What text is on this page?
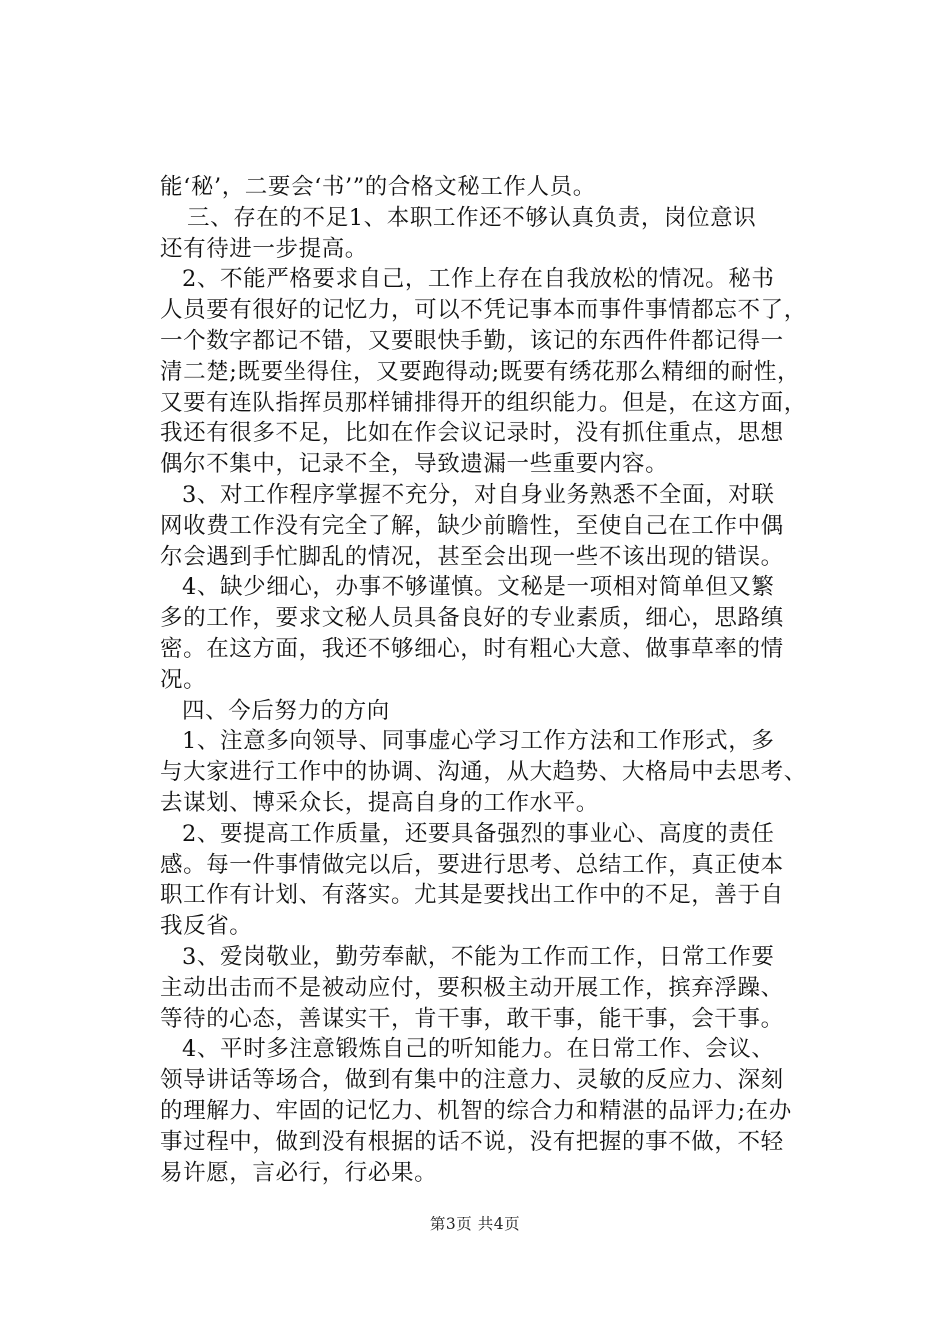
能‘秘’，二要会‘书’”的合格文秘工作人员。
三、存在的不足1、本职工作还不够认真负责，岗位意识
还有待进一步提高。
2、不能严格要求自己，工作上存在自我放松的情况。秘书
人员要有很好的记忆力，可以不凭记事本而事件事情都忘不了，
一个数字都记不错，又要眼快手勤，该记的东西件件都记得一
清二楚;既要坐得住，又要跑得动;既要有绣花那么精细的耐性，
又要有连队指挥员那样铺排得开的组织能力。但是，在这方面，
我还有很多不足，比如在作会议记录时，没有抓住重点，思想
偶尔不集中，记录不全，导致遗漏一些重要内容。
3、对工作程序掌握不充分，对自身业务熟悉不全面，对联
网收费工作没有完全了解，缺少前瞻性，至使自己在工作中偶
尔会遇到手忙脚乱的情况，甚至会出现一些不该出现的错误。
4、缺少细心，办事不够谨慎。文秘是一项相对简单但又繁
多的工作，要求文秘人员具备良好的专业素质，细心，思路缜
密。在这方面，我还不够细心，时有粗心大意、做事草率的情
况。
四、今后努力的方向
1、注意多向领导、同事虚心学习工作方法和工作形式，多
与大家进行工作中的协调、沟通，从大趋势、大格局中去思考、
去谋划、博采众长，提高自身的工作水平。
2、要提高工作质量，还要具备强烈的事业心、高度的责任
感。每一件事情做完以后，要进行思考、总结工作，真正使本
职工作有计划、有落实。尤其是要找出工作中的不足，善于自
我反省。
3、爱岗敬业，勤劳奉献，不能为工作而工作，日常工作要
主动出击而不是被动应付，要积极主动开展工作，摈弃浮躁、
等待的心态，善谋实干，肯干事，敢干事，能干事，会干事。
4、平时多注意锻炼自己的听知能力。在日常工作、会议、
领导讲话等场合，做到有集中的注意力、灵敏的反应力、深刻
的理解力、牢固的记忆力、机智的综合力和精湛的品评力;在办
事过程中，做到没有根据的话不说，没有把握的事不做，不轻
易许愿，言必行，行必果。
第3页 共4页
